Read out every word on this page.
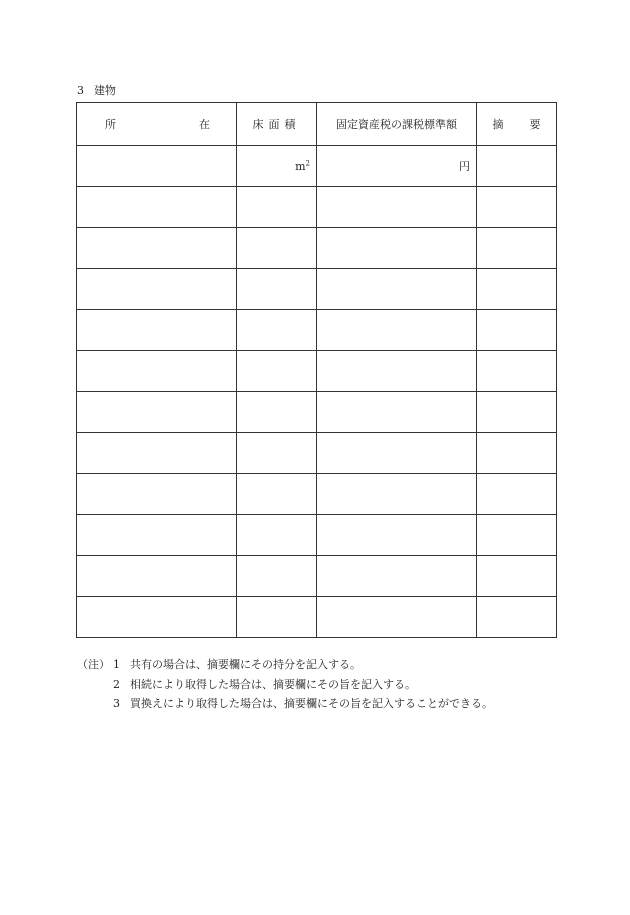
3 建物
所 在	床面積	固定資産税の課税標準額	摘 要

	$m^2$	円	

（注） 1 共有の場合は、摘要欄にその持分を記入する。
2 相続により取得した場合は、摘要欄にその旨を記入する。
3 買換えにより取得した場合は、摘要欄にその旨を記入することができる。
